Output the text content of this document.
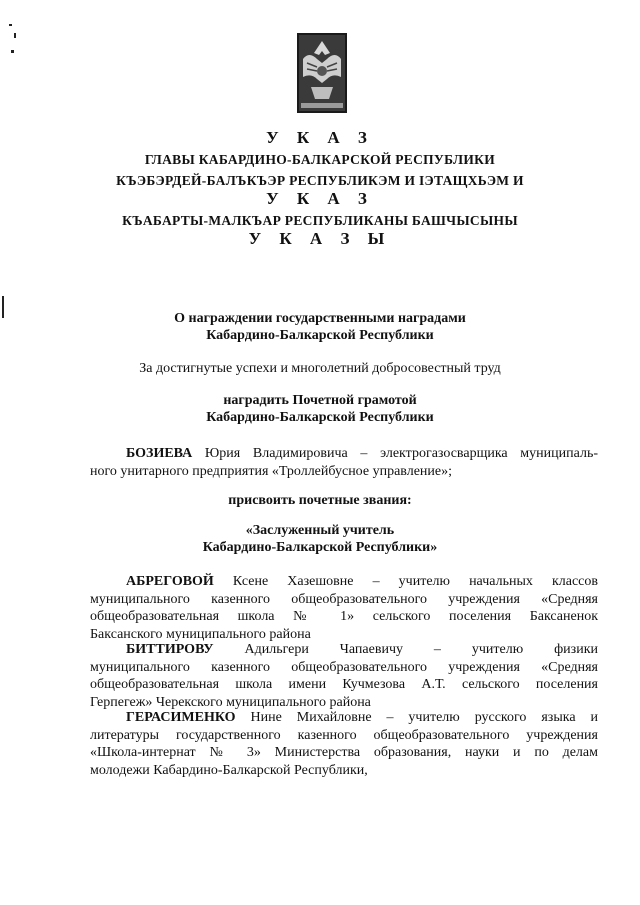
У К А З
ГЛАВЫ КАБАРДИНО-БАЛКАРСКОЙ РЕСПУБЛИКИ
КЪЭБЭРДЕЙ-БАЛЪКЪЭР РЕСПУБЛИКЭМ И IЭТАЩХЬЭМ И
У К А З
КЪАБАРТЫ-МАЛКЪАР РЕСПУБЛИКАНЫ БАШЧЫСЫНЫ
У К А З Ы
О награждении государственными наградами
Кабардино-Балкарской Республики
За достигнутые успехи и многолетний добросовестный труд
наградить Почетной грамотой
Кабардино-Балкарской Республики
БОЗИЕВА Юрия Владимировича – электрогазосварщика муниципаль-
ного унитарного предприятия «Троллейбусное управление»;
присвоить почетные звания:
«Заслуженный учитель
Кабардино-Балкарской Республики»
АБРЕГОВОЙ Ксене Хазешовне – учителю начальных классов
муниципального казенного общеобразовательного учреждения «Средняя
общеобразовательная школа № 1» сельского поселения Баксаненок
Баксанского муниципального района
БИТТИРОВУ Адильгери Чапаевичу – учителю физики
муниципального казенного общеобразовательного учреждения «Средняя
общеобразовательная школа имени Кучмезова А.Т. сельского поселения
Герпегеж» Черекского муниципального района
ГЕРАСИМЕНКО Нине Михайловне – учителю русского языка и
литературы государственного казенного общеобразовательного учреждения
«Школа-интернат № 3» Министерства образования, науки и по делам
молодежи Кабардино-Балкарской Республики,
